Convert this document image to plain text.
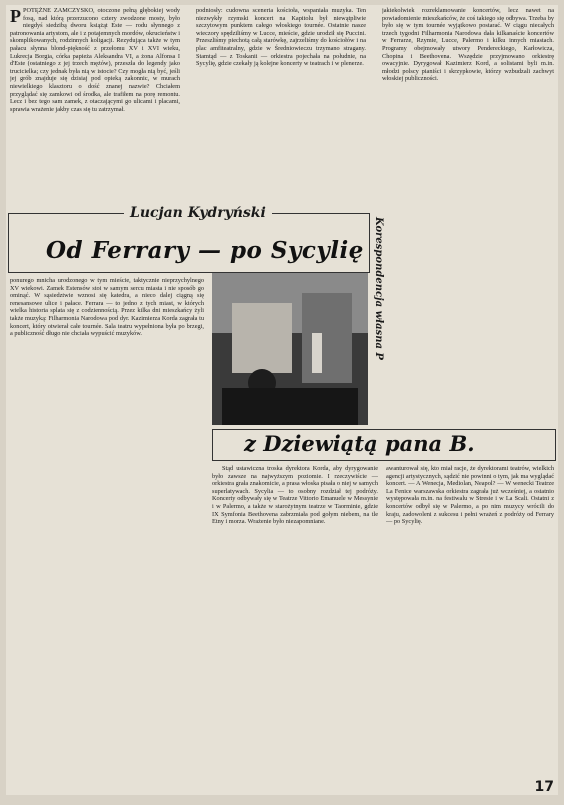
PPOTĘŻNE ZAMCZYSKO, otoczone pełną głębokiej wody fosą, nad którą przerzucono cztery zwodzone mosty, było niegdyś siedzibą dworu książąt Este — rodu słynnego z patronowania artystom, ale i z potajemnych mordów, okrucieństw i skomplikowanych, rodzinnych koligacji. Rezydująca także w tym pałacu słynna blond-piękność z przełomu XV i XVI wieku, Lukrecja Borgia, córka papieża Aleksandra VI, a żona Alfonsa I d'Este (ostatniego z jej trzech mężów), przeszła do legendy jako trucicielka; czy jednak była nią w istocie? Czy mogła nią być, jeśli jej grób znajduje się dzisiaj pod opieką zakonnic, w murach niewielkiego klasztoru o dość znanej nazwie? Chciałem przyglądać się zamkowi od środka, ale trafiłem na porę remontu. Lecz i bez tego sam zamek, z otaczającymi go ulicami i placami, sprawia wrażenie jakby czas się tu zatrzymał.

podniosły: cudowna sceneria kościoła, wspaniała muzyka. Ten niezwykły rzymski koncert na Kapitolu był niewątpliwie szczytowym punktem całego włoskiego tournée. Ostatnie nasze wieczory spędziliśmy w Lucce, mieście, gdzie urodził się Puccini. Przeszliśmy piechotą całą starówkę, zajrzeliśmy do kościołów i na plac amfiteatralny, gdzie w Średniowieczu trzymano stragany. Stamtąd — z Toskanii — orkiestra pojechała na południe, na Sycylię, gdzie czekały ją kolejne koncerty w teatrach i w plenerze.

jakiekolwiek rozreklamowanie koncertów, lecz nawet na powiadomienie mieszkańców, że coś takiego się odbywa. Trzeba by było się w tym tournée wyjątkowo postarać. W ciągu niecałych trzech tygodni Filharmonia Narodowa dała kilkanaście koncertów w Ferrarze, Rzymie, Lucce, Palermo i kilku innych miastach. Programy obejmowały utwory Pendereckiego, Karłowicza, Chopina i Beethovena. Wszędzie przyjmowano orkiestrę owacyjnie. Dyrygował Kazimierz Kord, a solistami byli m.in. młodzi polscy pianiści i skrzypkowie, którzy wzbudzali zachwyt włoskiej publiczności.

Lucjan Kydryński
Od Ferrary — po Sycylię Korespondencja własna P

ponurego mnicha urodzonego w tym mieście, taktycznie nieprzychylnego XV wiekowi. Zamek Estensów stoi w samym sercu miasta i nie sposób go ominąć. W sąsiedztwie wznosi się katedra, a nieco dalej ciągną się renesansowe ulice i pałace. Ferrara — to jedno z tych miast, w których wielka historia splata się z codziennością. Przez kilka dni mieszkańcy żyli także muzyką: Filharmonia Narodowa pod dyr. Kazimierza Korda zagrała tu koncert, który otwierał całe tournée. Sala teatru wypełniona była po brzegi, a publiczność długo nie chciała wypuścić muzyków.

z Dziewiątą pana B.

Stąd ustawiczna troska dyrektora Korda, aby dyrygowanie było zawsze na najwyższym poziomie. I rzeczywiście — orkiestra grała znakomicie, a prasa włoska pisała o niej w samych superlatywach. Sycylia — to osobny rozdział tej podróży. Koncerty odbywały się w Teatrze Vittorio Emanuele w Messynie i w Palermo, a także w starożytnym teatrze w Taorminie, gdzie IX Symfonia Beethovena zabrzmiała pod gołym niebem, na tle Etny i morza. Wrażenie było niezapomniane.

awanturował się, kto miał racje, że dyrektorami teatrów, wielkich agencji artystycznych, sądzić nie powinni o tym, jak ma wyglądać koncert. — A Wenecja, Mediolan, Neapol? — W wenecki Teatrze La Fenice warszawska orkiestra zagrała już wcześniej, a ostatnio występowała m.in. na festiwalu w Stresie i w La Scali. Ostatni z koncertów odbył się w Palermo, a po nim muzycy wrócili do kraju, zadowoleni z sukcesu i pełni wrażeń z podróży od Ferrary — po Sycylię.

17
